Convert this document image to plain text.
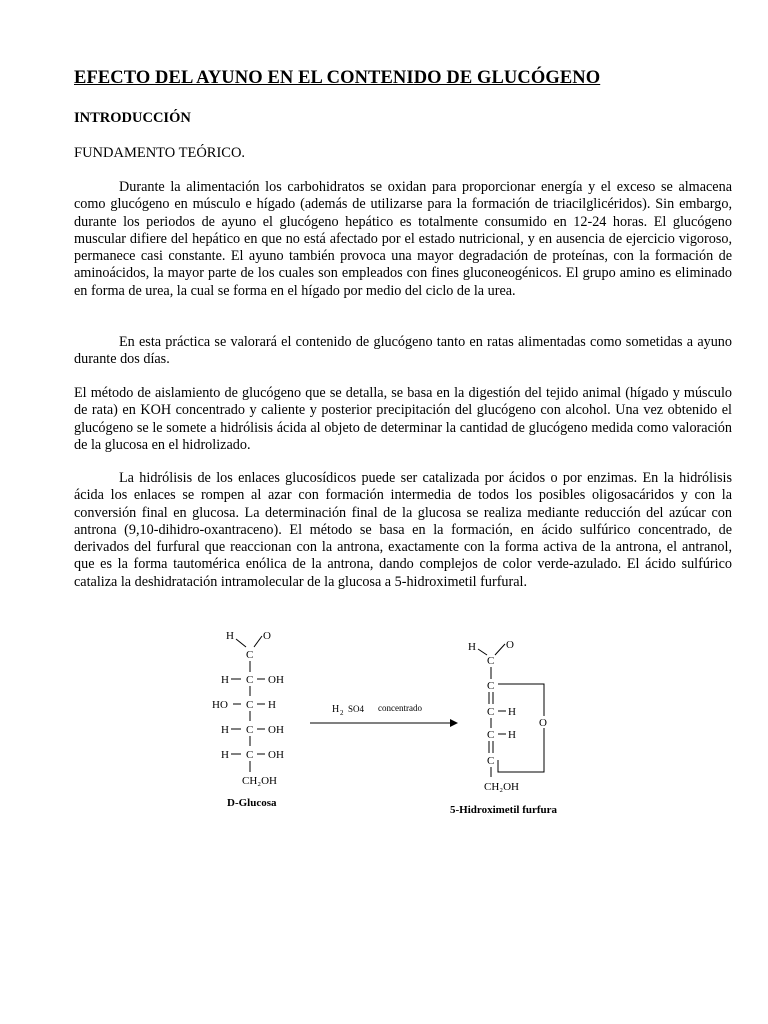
EFECTO DEL AYUNO EN EL CONTENIDO DE GLUCÓGENO
INTRODUCCIÓN

FUNDAMENTO TEÓRICO.

Durante la alimentación los carbohidratos se oxidan para proporcionar energía y el exceso se almacena como glucógeno en músculo e hígado (además de utilizarse para la formación de triacilglicéridos). Sin embargo, durante los periodos de ayuno el glucógeno hepático es totalmente consumido en 12-24 horas. El glucógeno muscular difiere del hepático en que no está afectado por el estado nutricional, y en ausencia de ejercicio vigoroso, permanece casi constante. El ayuno también provoca una mayor degradación de proteínas, con la formación de aminoácidos, la mayor parte de los cuales son empleados con fines gluconeogénicos. El grupo amino es eliminado en forma de urea, la cual se forma en el hígado por medio del ciclo de la urea.

En esta práctica se valorará el contenido de glucógeno tanto en ratas alimentadas como sometidas a ayuno durante dos días.

El método de aislamiento de glucógeno que se detalla, se basa en la digestión del tejido animal (hígado y músculo de rata) en KOH concentrado y caliente y posterior precipitación del glucógeno con alcohol. Una vez obtenido el glucógeno se le somete a hidrólisis ácida al objeto de determinar la cantidad de glucógeno medida como valoración de la glucosa en el hidrolizado.

La hidrólisis de los enlaces glucosídicos puede ser catalizada por ácidos o por enzimas. En la hidrólisis ácida los enlaces se rompen al azar con formación intermedia de todos los posibles oligosacáridos y con la conversión final en glucosa. La determinación final de la glucosa se realiza mediante reducción del azúcar con antrona (9,10-dihidro-oxantraceno). El método se basa en la formación, en ácido sulfúrico concentrado, de derivados del furfural que reaccionan con la antrona, exactamente con la forma activa de la antrona, el antranol, que es la forma tautomérica enólica de la antrona, dando complejos de color verde-azulado. El ácido sulfúrico cataliza la deshidratación intramolecular de la glucosa a 5-hidroximetil furfural.

H	O
C
H C OH
HO C H
H C OH
H C OH
CH₂OH
D-Glucosa
H 2 SO4 concentrado
H	O
C
C
C H
C H
C
O
CH₂OH
5-Hidroximetil furfura
